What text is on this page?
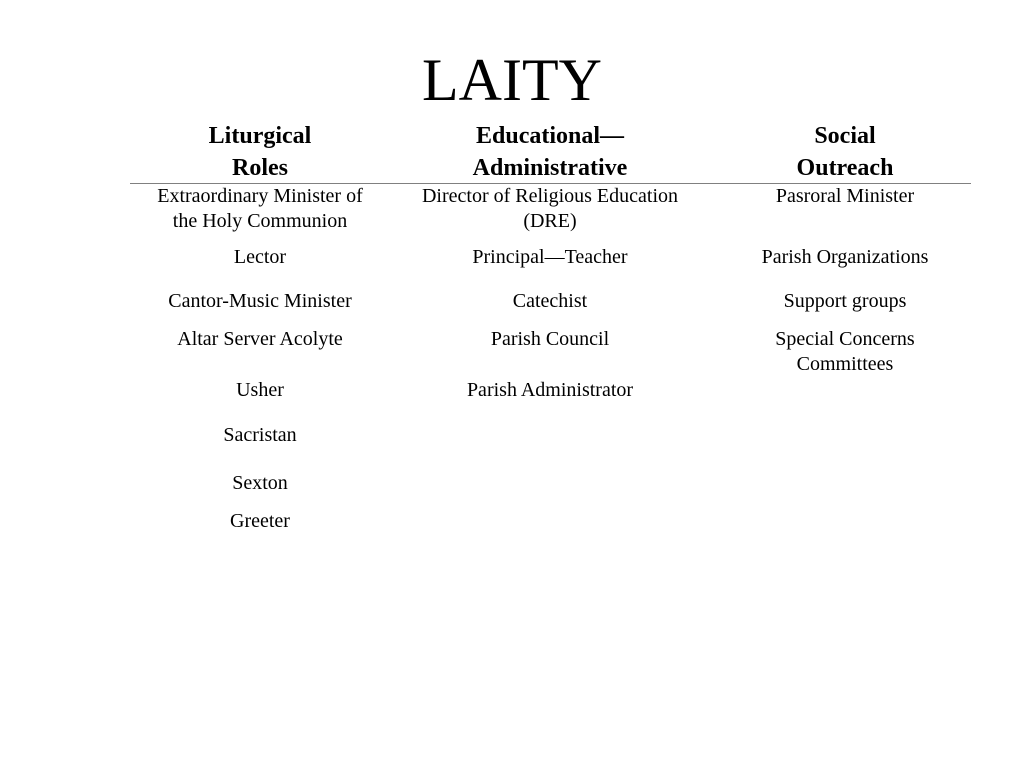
LAITY
Liturgical
Roles
Educational—
Administrative
Social
Outreach
Extraordinary Minister of
the Holy Communion
Lector
Cantor-Music Minister
Altar Server Acolyte
Usher
Sacristan
Sexton
Greeter
Director of Religious Education
(DRE)
Principal—Teacher
Catechist
Parish Council
Parish Administrator
Pasroral Minister
Parish Organizations
Support groups
Special Concerns
Committees
